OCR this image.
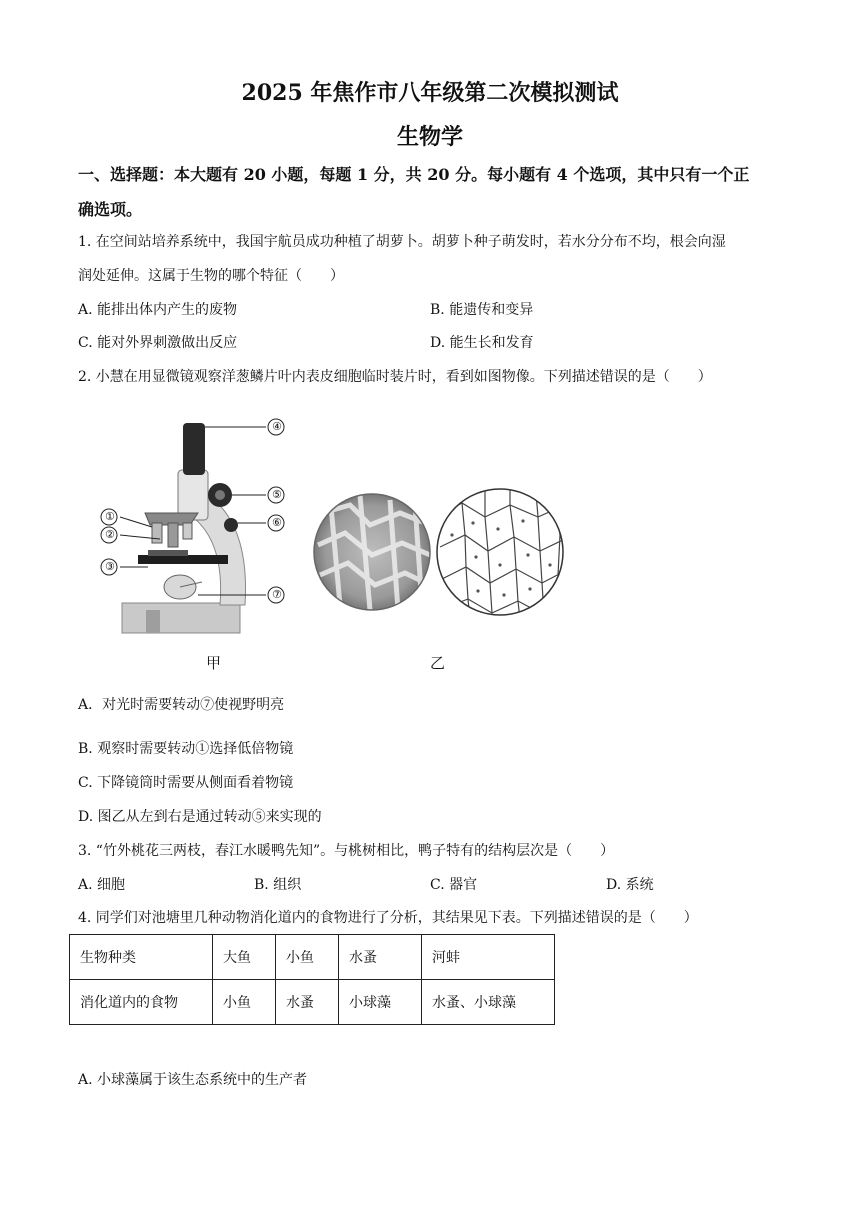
2025 年焦作市八年级第二次模拟测试
生物学
一、选择题：本大题有 20 小题，每题 1 分，共 20 分。每小题有 4 个选项，其中只有一个正
确选项。
1. 在空间站培养系统中，我国宇航员成功种植了胡萝卜。胡萝卜种子萌发时，若水分分布不均，根会向湿
润处延伸。这属于生物的哪个特征（　　）
A. 能排出体内产生的废物	B. 能遗传和变异
C. 能对外界刺激做出反应	D. 能生长和发育
2. 小慧在用显微镜观察洋葱鳞片叶内表皮细胞临时装片时，看到如图物像。下列描述错误的是（　　）
④
⑤
⑥
①
②
③
⑦
甲	乙
A．对光时需要转动⑦使视野明亮
B. 观察时需要转动①选择低倍物镜
C. 下降镜筒时需要从侧面看着物镜
D. 图乙从左到右是通过转动⑤来实现的
3. “竹外桃花三两枝，春江水暖鸭先知”。与桃树相比，鸭子特有的结构层次是（　　）
A. 细胞	B. 组织	C. 器官	D. 系统
4. 同学们对池塘里几种动物消化道内的食物进行了分析，其结果见下表。下列描述错误的是（　　）
生物种类	大鱼	小鱼	水蚤	河蚌
消化道内的食物	小鱼	水蚤	小球藻	水蚤、小球藻
A. 小球藻属于该生态系统中的生产者
